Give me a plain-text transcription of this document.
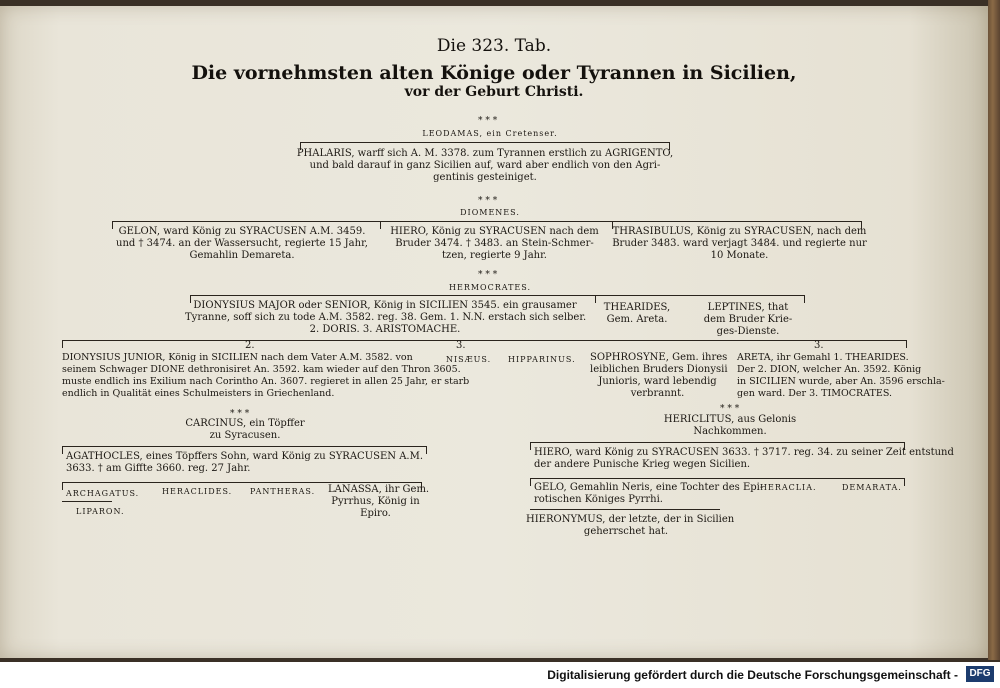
Die 323. Tab.
Die vornehmsten alten Könige oder Tyrannen in Sicilien,
vor der Geburt Christi.
* * *
LEODAMAS, ein Cretenser.
PHALARIS, warff sich A. M. 3378. zum Tyrannen erstlich zu AGRIGENTO,
und bald darauf in ganz Sicilien auf, ward aber endlich von den Agri-
gentinis gesteiniget.
* * *
DIOMENES.
GELON, ward König zu SYRACUSEN A.M. 3459.
und † 3474. an der Wassersucht, regierte 15 Jahr,
Gemahlin Demareta.
HIERO, König zu SYRACUSEN nach dem
Bruder 3474. † 3483. an Stein-Schmer-
tzen, regierte 9 Jahr.
THRASIBULUS, König zu SYRACUSEN, nach dem
Bruder 3483. ward verjagt 3484. und regierte nur
10 Monate.
* * *
HERMOCRATES.
DIONYSIUS MAJOR oder SENIOR, König in SICILIEN 3545. ein grausamer
Tyranne, soff sich zu tode A.M. 3582. reg. 38. Gem. 1. N.N. erstach sich selber.
2. DORIS. 3. ARISTOMACHE.
THEARIDES,
Gem. Areta.
LEPTINES, that
dem Bruder Krie-
ges-Dienste.
2.	3.	3.
DIONYSIUS JUNIOR, König in SICILIEN nach dem Vater A.M. 3582. von
seinem Schwager DIONE dethronisiret An. 3592. kam wieder auf den Thron 3605.
muste endlich ins Exilium nach Corintho An. 3607. regieret in allen 25 Jahr, er starb
endlich in Qualität eines Schulmeisters in Griechenland.
NISÆUS. HIPPARINUS. SOPHROSYNE, Gem. ihres
leiblichen Bruders Dionysii
Junioris, ward lebendig
verbrannt.
ARETA, ihr Gemahl 1. THEARIDES.
Der 2. DION, welcher An. 3592. König
in SICILIEN wurde, aber An. 3596 erschla-
gen ward. Der 3. TIMOCRATES.
* * *
CARCINUS, ein Töpffer
zu Syracusen.
* * *
HERICLITUS, aus Gelonis
Nachkommen.
AGATHOCLES, eines Töpffers Sohn, ward König zu SYRACUSEN A.M.
3633. † am Giffte 3660. reg. 27 Jahr.
HIERO, ward König zu SYRACUSEN 3633. † 3717. reg. 34. zu seiner Zeit entstund
der andere Punische Krieg wegen Sicilien.
ARCHAGATUS.	HERACLIDES. PANTHERAS. LANASSA, ihr Gem.
Pyrrhus, König in
Epiro.
LIPARON.
GELO, Gemahlin Neris, eine Tochter des Epi-
rotischen Königes Pyrrhi.
HERACLIA.	DEMARATA.
HIERONYMUS, der letzte, der in Sicilien
geherrschet hat.
Digitalisierung gefördert durch die Deutsche Forschungsgemeinschaft -	DFG
